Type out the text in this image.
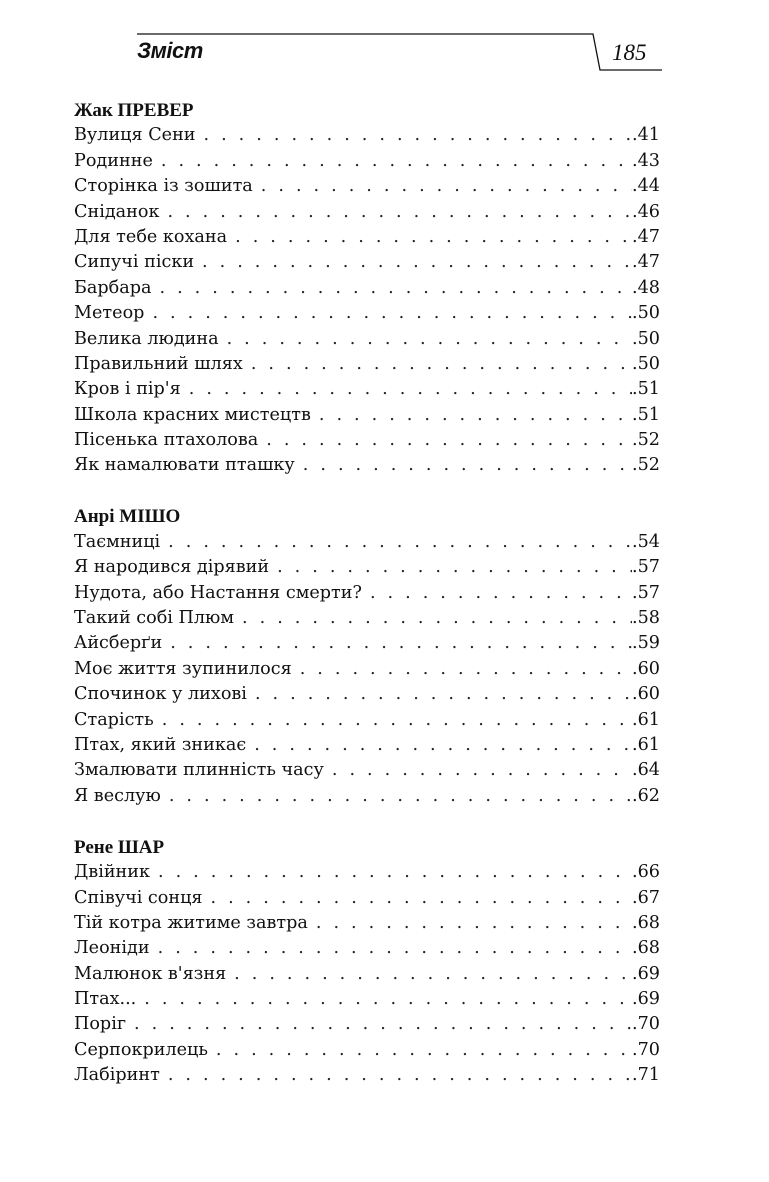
Зміст	185
Жак ПРЕВЕР
Вулиця Сени . . .	.41
Родинне . . .	.43
Сторінка із зошита . . .	.44
Сніданок . . .	.46
Для тебе кохана . . .	.47
Сипучі піски . . .	.47
Барбара . . .	.48
Метеор . . .	.50
Велика людина . . .	.50
Правильний шлях . . .	.50
Кров і пір'я . . .	.51
Школа красних мистецтв . . .	.51
Пісенька птахолова . . .	.52
Як намалювати пташку . . .	.52
Анрі МІШО
Таємниці . . .	.54
Я народився дірявий . . .	.57
Нудота, або Настання смерти? . . .	.57
Такий собі Плюм . . .	.58
Айсберґи . . .	.59
Моє життя зупинилося . . .	.60
Спочинок у лихові . . .	.60
Старість . . .	.61
Птах, який зникає . . .	.61
Змалювати плинність часу . . .	.64
Я веслую . . .	.62
Рене ШАР
Двійник . . .	.66
Співучі сонця . . .	.67
Тій котра житиме завтра . . .	.68
Леоніди . . .	.68
Малюнок в'язня . . .	.69
Птах... . . .	.69
Поріг . . .	.70
Серпокрилець . . .	.70
Лабіринт . . .	.71
